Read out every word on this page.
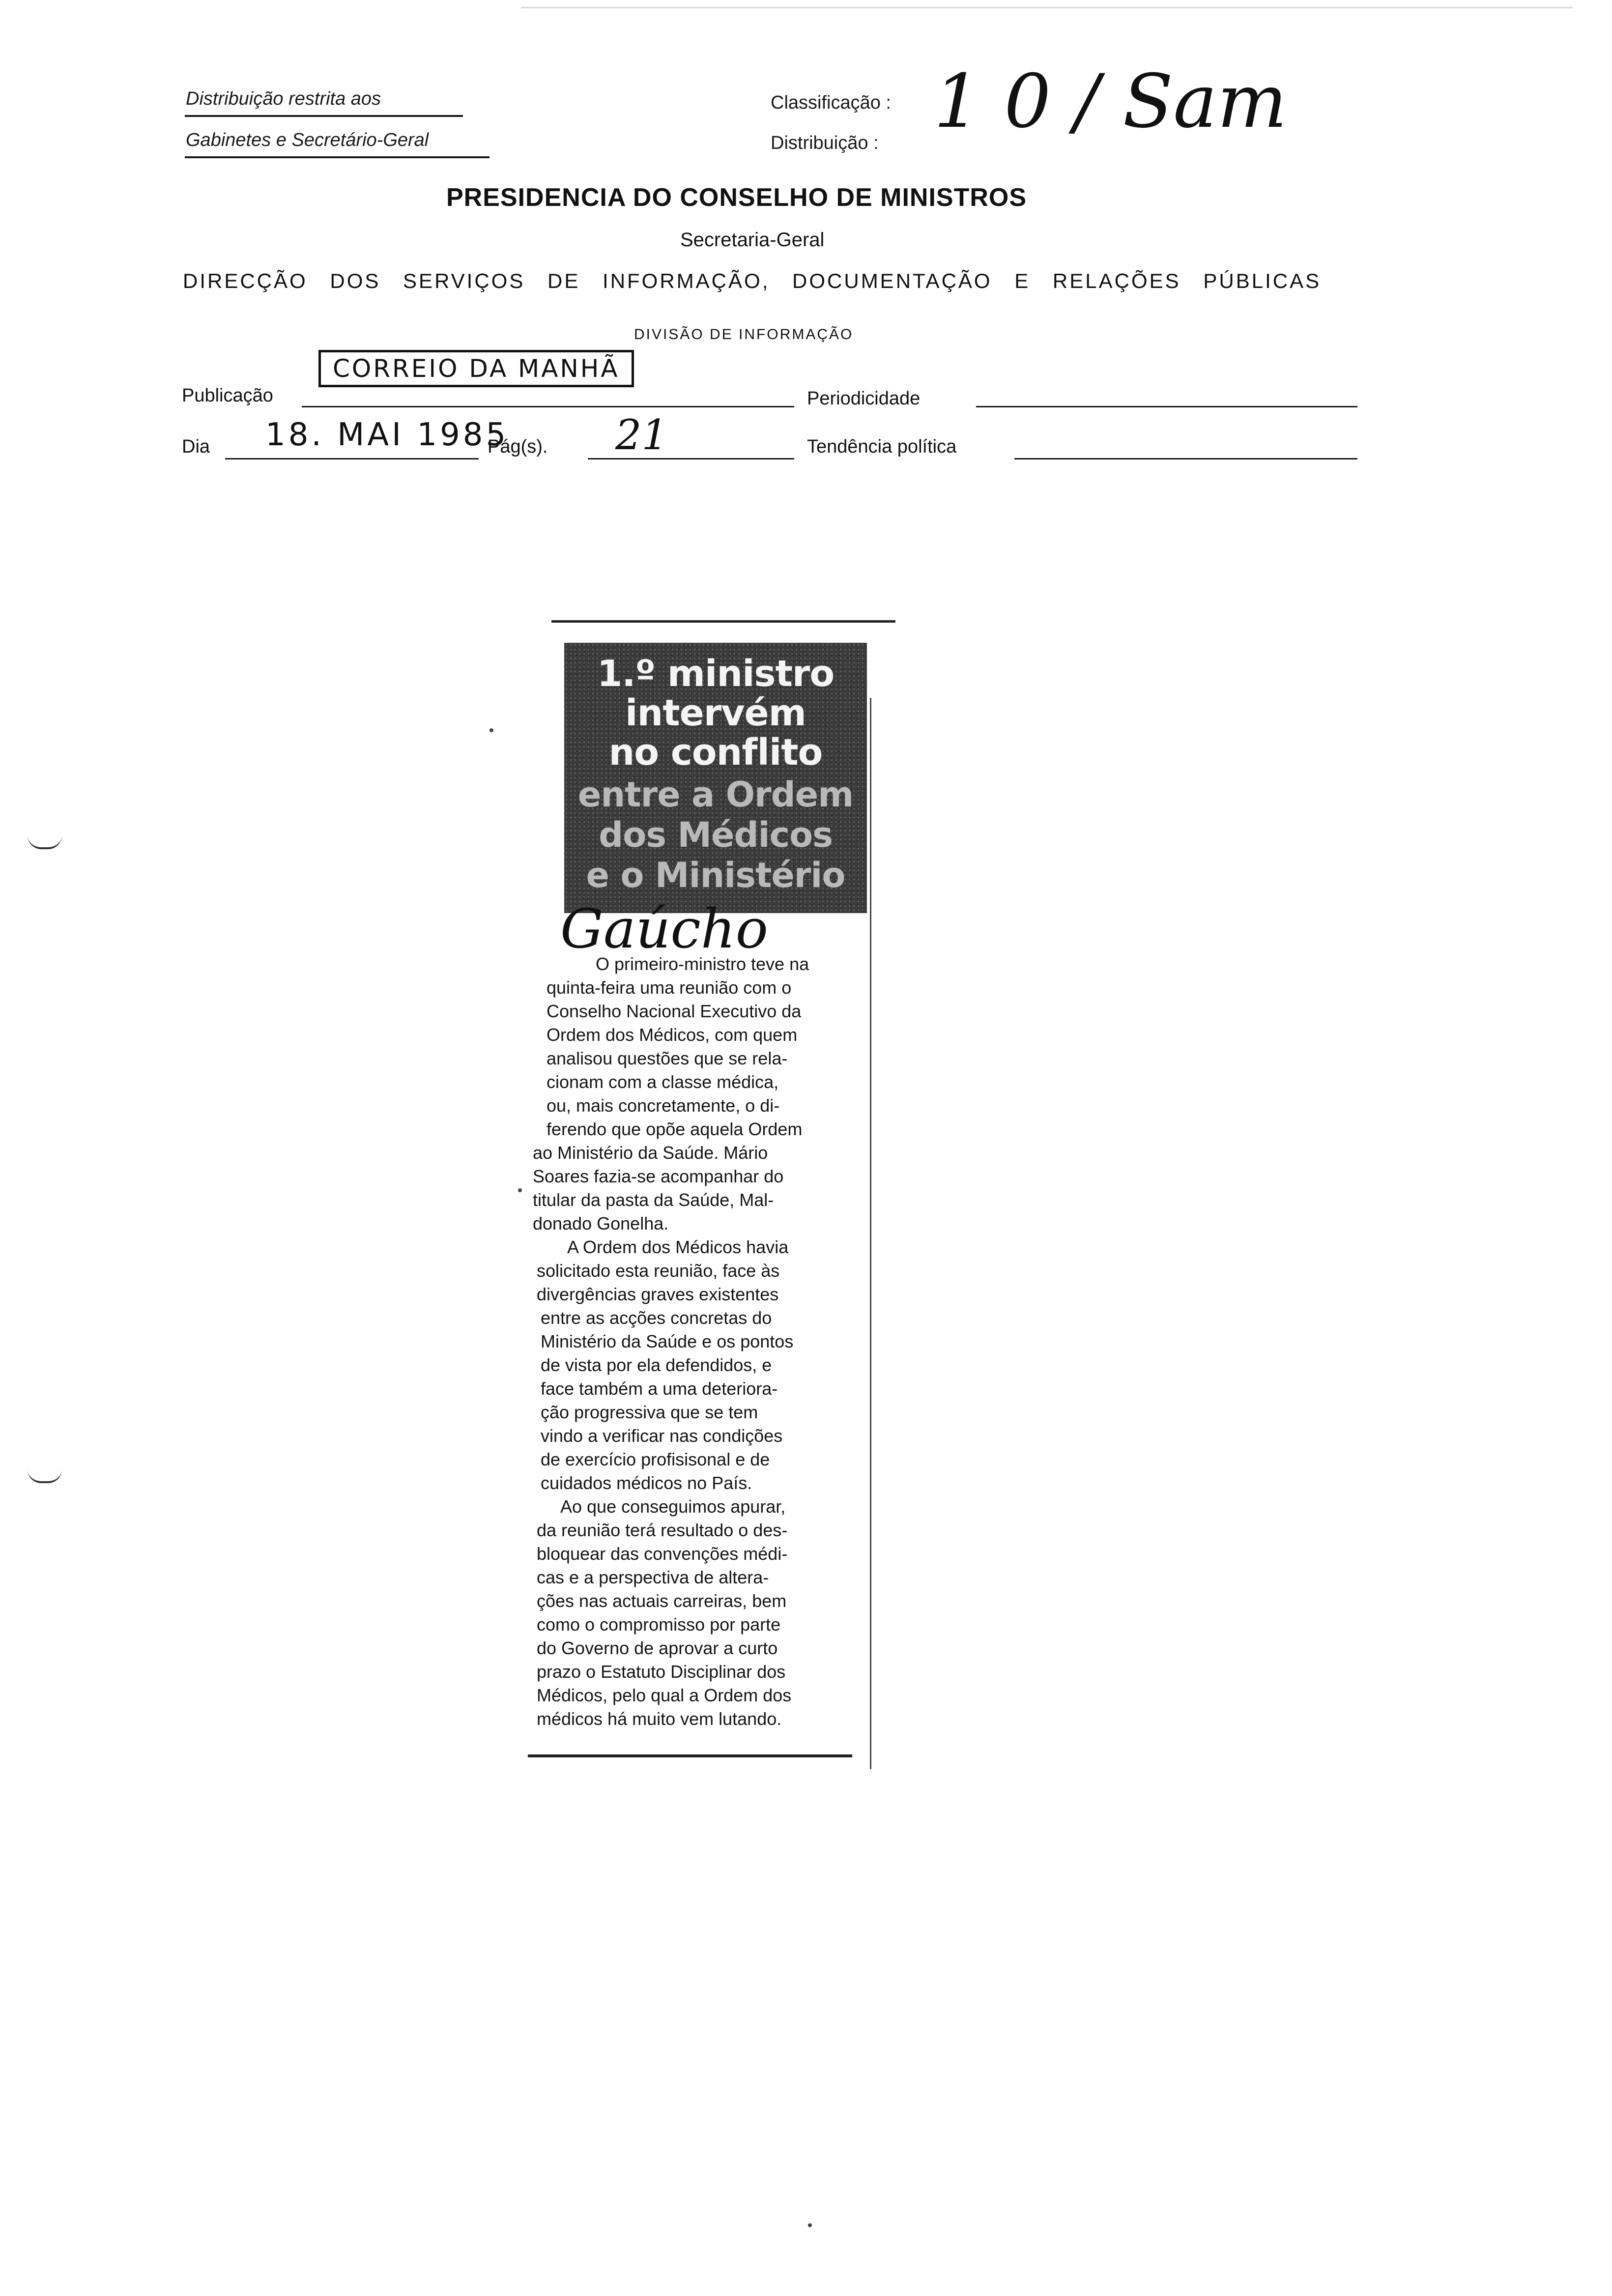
Distribuição restrita aos
Gabinetes e Secretário-Geral
Classificação :
Distribuição : 1 0 / Sam
PRESIDENCIA DO CONSELHO DE MINISTROS
Secretaria-Geral
DIRECÇÃO DOS SERVIÇOS DE INFORMAÇÃO, DOCUMENTAÇÃO E RELAÇÕES PÚBLICAS
DIVISÃO DE INFORMAÇÃO
Publicação
CORREIO DA MANHÃ
Periodicidade
Dia 18. MAI 1985
Pág(s). 21	Tendência política
1.º ministro
intervém
no conflito
entre a Ordem
dos Médicos
e o Ministério
Gaúcho
O primeiro-ministro teve na
quinta-feira uma reunião com o
Conselho Nacional Executivo da
Ordem dos Médicos, com quem
analisou questões que se rela-
cionam com a classe médica,
ou, mais concretamente, o di-
ferendo que opõe aquela Ordem
ao Ministério da Saúde. Mário
Soares fazia-se acompanhar do
titular da pasta da Saúde, Mal-
donado Gonelha.
A Ordem dos Médicos havia
solicitado esta reunião, face às
divergências graves existentes
entre as acções concretas do
Ministério da Saúde e os pontos
de vista por ela defendidos, e
face também a uma deteriora-
ção progressiva que se tem
vindo a verificar nas condições
de exercício profisisonal e de
cuidados médicos no País.
Ao que conseguimos apurar,
da reunião terá resultado o des-
bloquear das convenções médi-
cas e a perspectiva de altera-
ções nas actuais carreiras, bem
como o compromisso por parte
do Governo de aprovar a curto
prazo o Estatuto Disciplinar dos
Médicos, pelo qual a Ordem dos
médicos há muito vem lutando.
